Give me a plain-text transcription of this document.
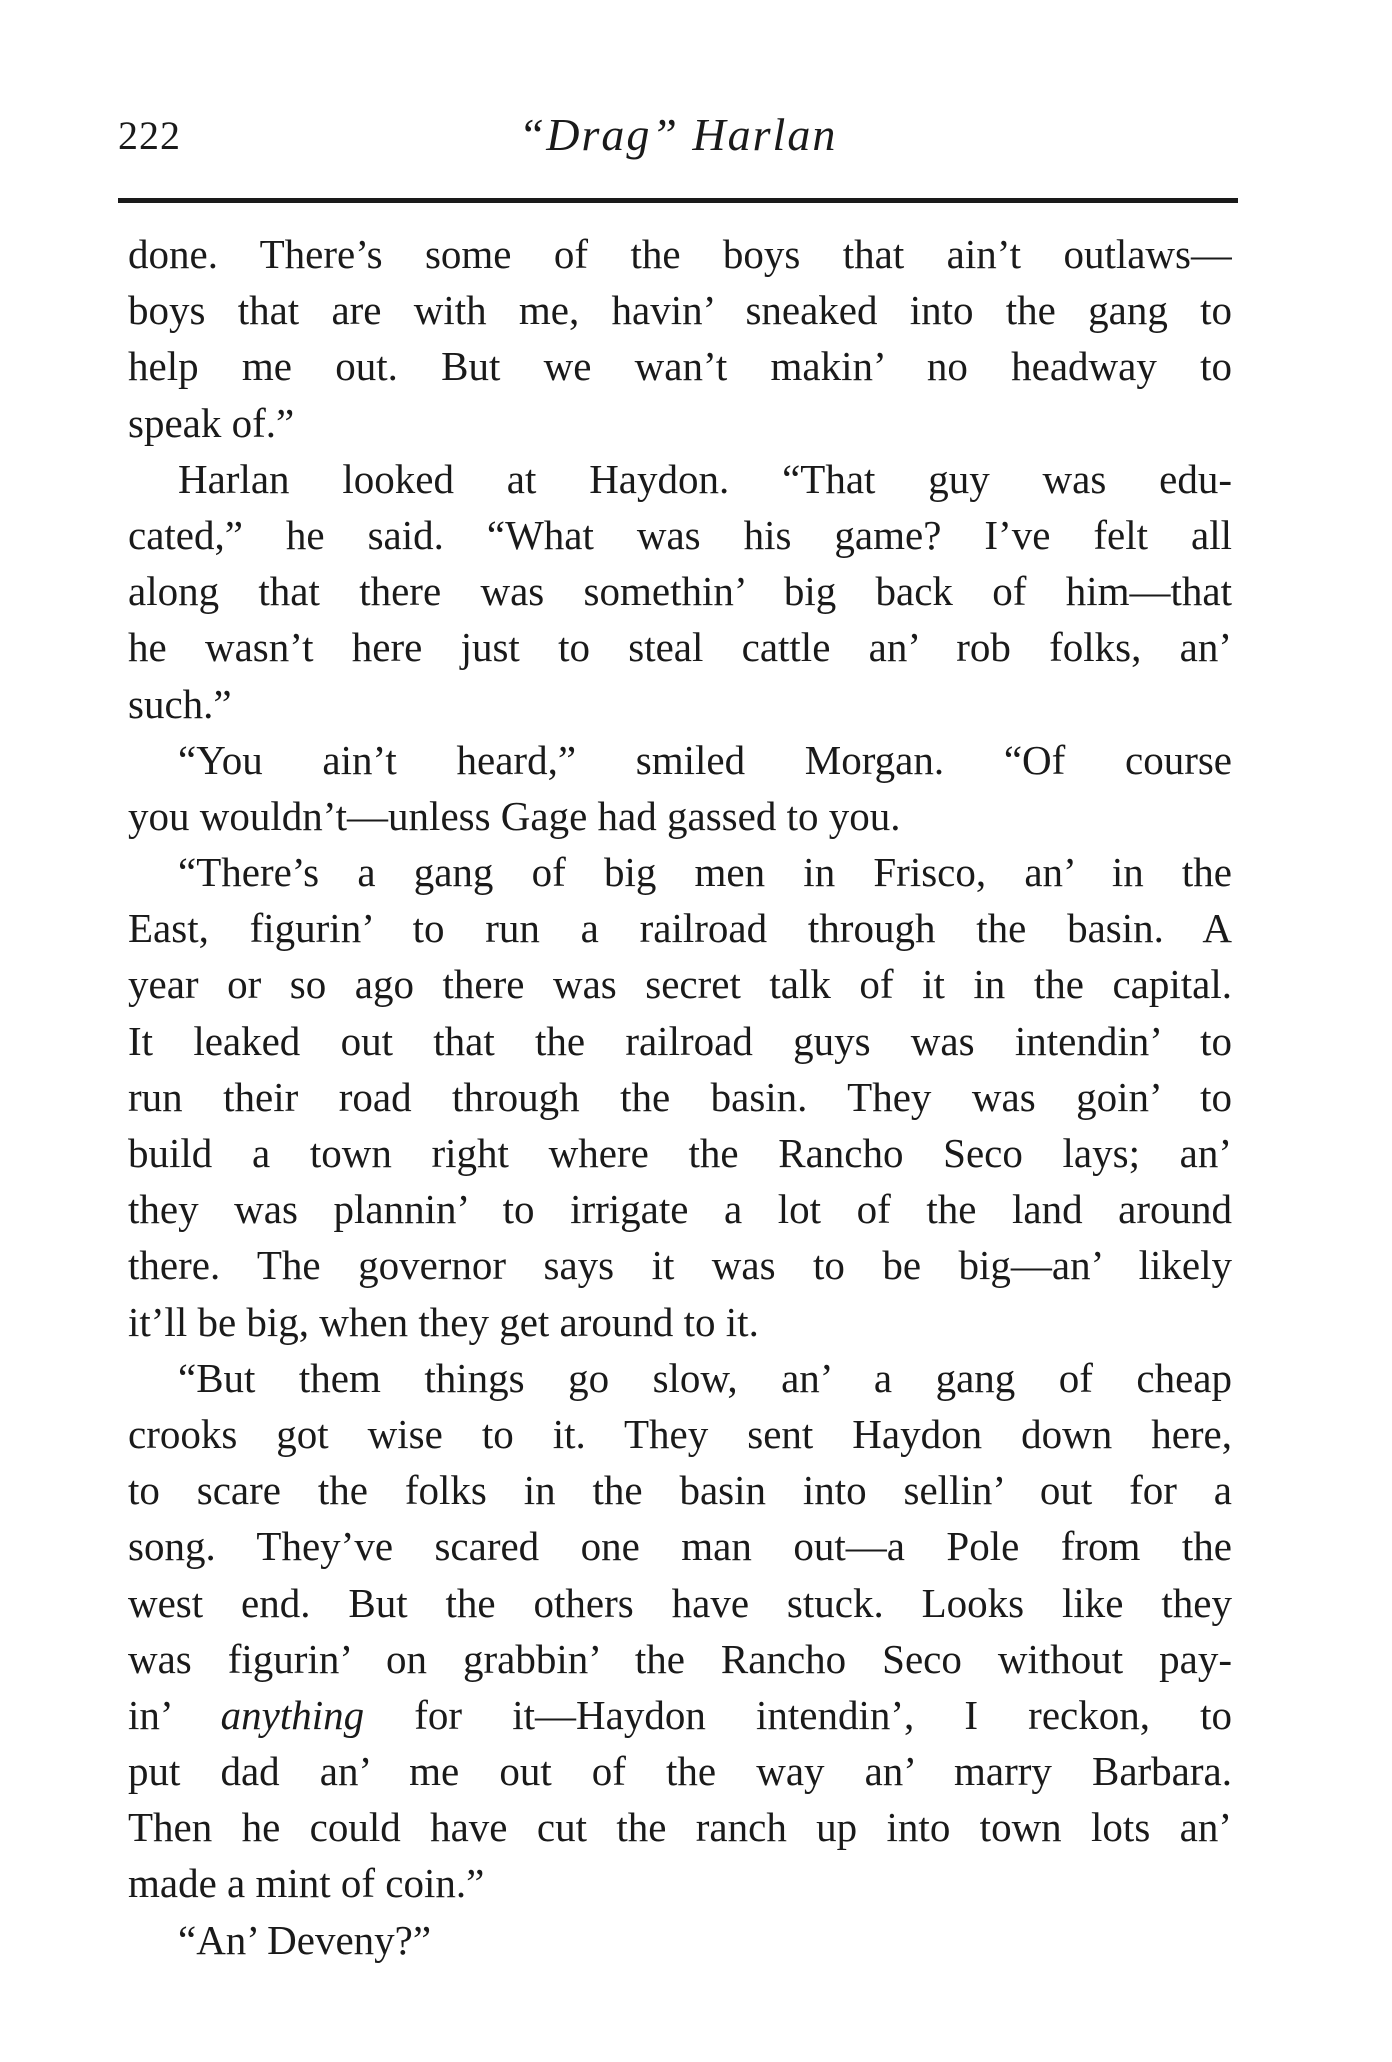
222	“Drag” Harlan
done. There’s some of the boys that ain’t outlaws—
boys that are with me, havin’ sneaked into the gang to
help me out. But we wan’t makin’ no headway to
speak of.”
Harlan looked at Haydon. “That guy was edu-
cated,” he said. “What was his game? I’ve felt all
along that there was somethin’ big back of him—that
he wasn’t here just to steal cattle an’ rob folks, an’
such.”
“You ain’t heard,” smiled Morgan. “Of course
you wouldn’t—unless Gage had gassed to you.
“There’s a gang of big men in Frisco, an’ in the
East, figurin’ to run a railroad through the basin. A
year or so ago there was secret talk of it in the capital.
It leaked out that the railroad guys was intendin’ to
run their road through the basin. They was goin’ to
build a town right where the Rancho Seco lays; an’
they was plannin’ to irrigate a lot of the land around
there. The governor says it was to be big—an’ likely
it’ll be big, when they get around to it.
“But them things go slow, an’ a gang of cheap
crooks got wise to it. They sent Haydon down here,
to scare the folks in the basin into sellin’ out for a
song. They’ve scared one man out—a Pole from the
west end. But the others have stuck. Looks like they
was figurin’ on grabbin’ the Rancho Seco without pay-
in’ anything for it—Haydon intendin’, I reckon, to
put dad an’ me out of the way an’ marry Barbara.
Then he could have cut the ranch up into town lots an’
made a mint of coin.”
“An’ Deveny?”
